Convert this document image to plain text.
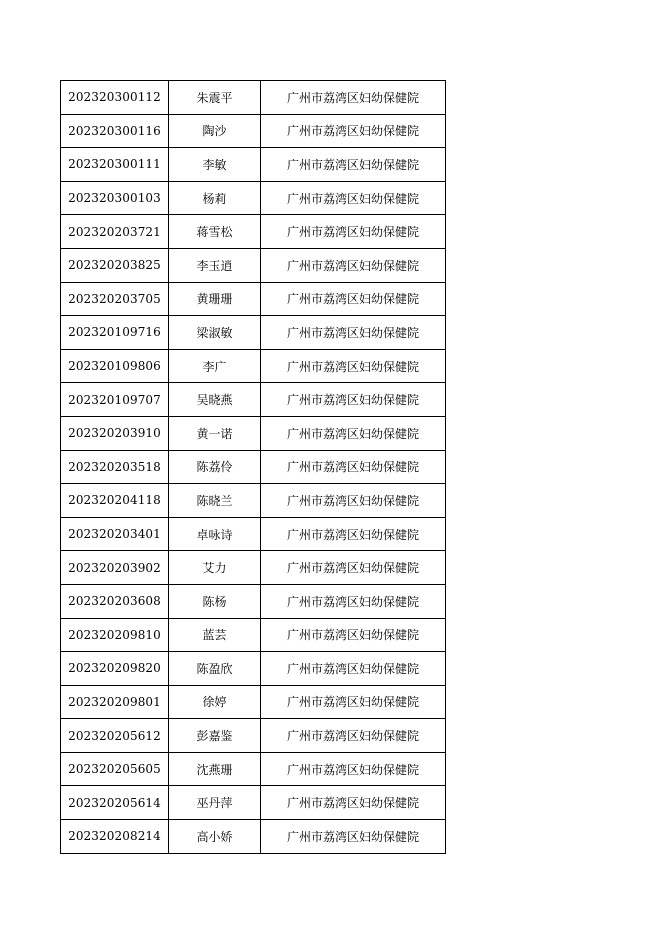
202320300112	朱震平	广州市荔湾区妇幼保健院
202320300116	陶沙	广州市荔湾区妇幼保健院
202320300111	李敏	广州市荔湾区妇幼保健院
202320300103	杨莉	广州市荔湾区妇幼保健院
202320203721	蒋雪松	广州市荔湾区妇幼保健院
202320203825	李玉逍	广州市荔湾区妇幼保健院
202320203705	黄珊珊	广州市荔湾区妇幼保健院
202320109716	梁淑敏	广州市荔湾区妇幼保健院
202320109806	李广	广州市荔湾区妇幼保健院
202320109707	吴晓燕	广州市荔湾区妇幼保健院
202320203910	黄一诺	广州市荔湾区妇幼保健院
202320203518	陈荔伶	广州市荔湾区妇幼保健院
202320204118	陈晓兰	广州市荔湾区妇幼保健院
202320203401	卓咏诗	广州市荔湾区妇幼保健院
202320203902	艾力	广州市荔湾区妇幼保健院
202320203608	陈杨	广州市荔湾区妇幼保健院
202320209810	蓝芸	广州市荔湾区妇幼保健院
202320209820	陈盈欣	广州市荔湾区妇幼保健院
202320209801	徐婷	广州市荔湾区妇幼保健院
202320205612	彭嘉鉴	广州市荔湾区妇幼保健院
202320205605	沈燕珊	广州市荔湾区妇幼保健院
202320205614	巫丹萍	广州市荔湾区妇幼保健院
202320208214	高小娇	广州市荔湾区妇幼保健院
